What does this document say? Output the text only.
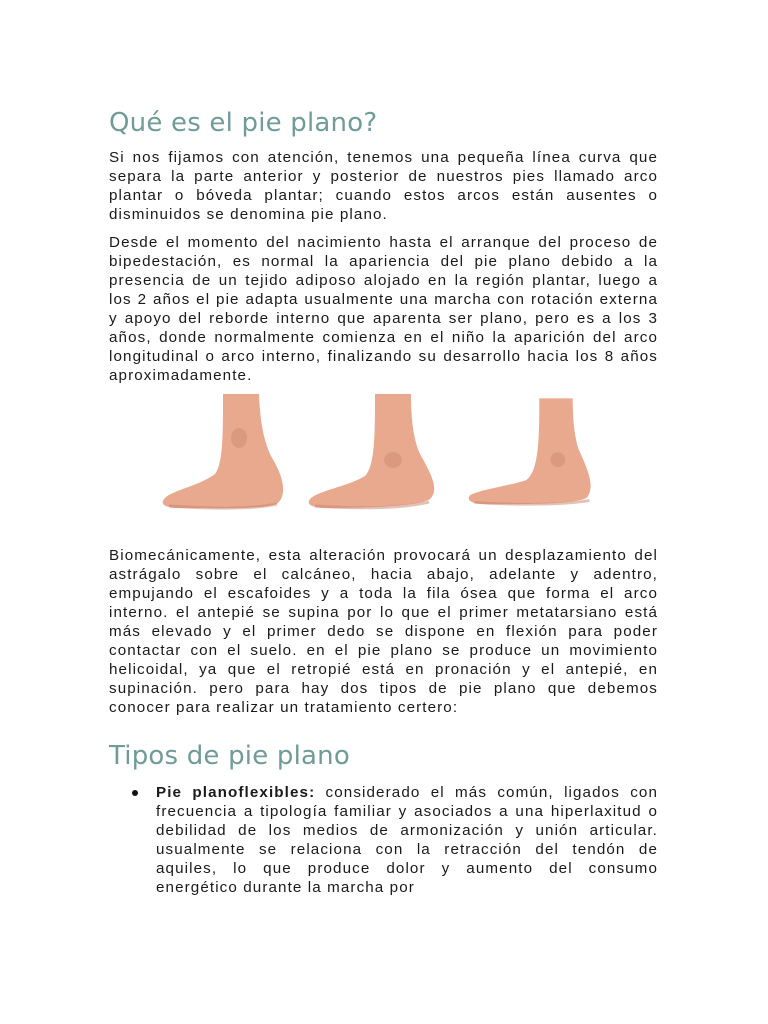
Qué es el pie plano?

Si nos fijamos con atención, tenemos una pequeña línea curva que separa la parte anterior y posterior de nuestros pies llamado arco plantar o bóveda plantar; cuando estos arcos están ausentes o disminuidos se denomina pie plano.

Desde el momento del nacimiento hasta el arranque del proceso de bipedestación, es normal la apariencia del pie plano debido a la presencia de un tejido adiposo alojado en la región plantar, luego a los 2 años el pie adapta usualmente una marcha con rotación externa y apoyo del reborde interno que aparenta ser plano, pero es a los 3 años, donde normalmente comienza en el niño la aparición del arco longitudinal o arco interno, finalizando su desarrollo hacia los 8 años aproximadamente.

Biomecánicamente, esta alteración provocará un desplazamiento del astrágalo sobre el calcáneo, hacia abajo, adelante y adentro, empujando el escafoides y a toda la fila ósea que forma el arco interno. el antepié se supina por lo que el primer metatarsiano está más elevado y el primer dedo se dispone en flexión para poder contactar con el suelo. en el pie plano se produce un movimiento helicoidal, ya que el retropié está en pronación y el antepié, en supinación. pero para hay dos tipos de pie plano que debemos conocer para realizar un tratamiento certero:

Tipos de pie plano
Pie planoflexibles: considerado el más común, ligados con frecuencia a tipología familiar y asociados a una hiperlaxitud o debilidad de los medios de armonización y unión articular. usualmente se relaciona con la retracción del tendón de aquiles, lo que produce dolor y aumento del consumo energético durante la marcha por
